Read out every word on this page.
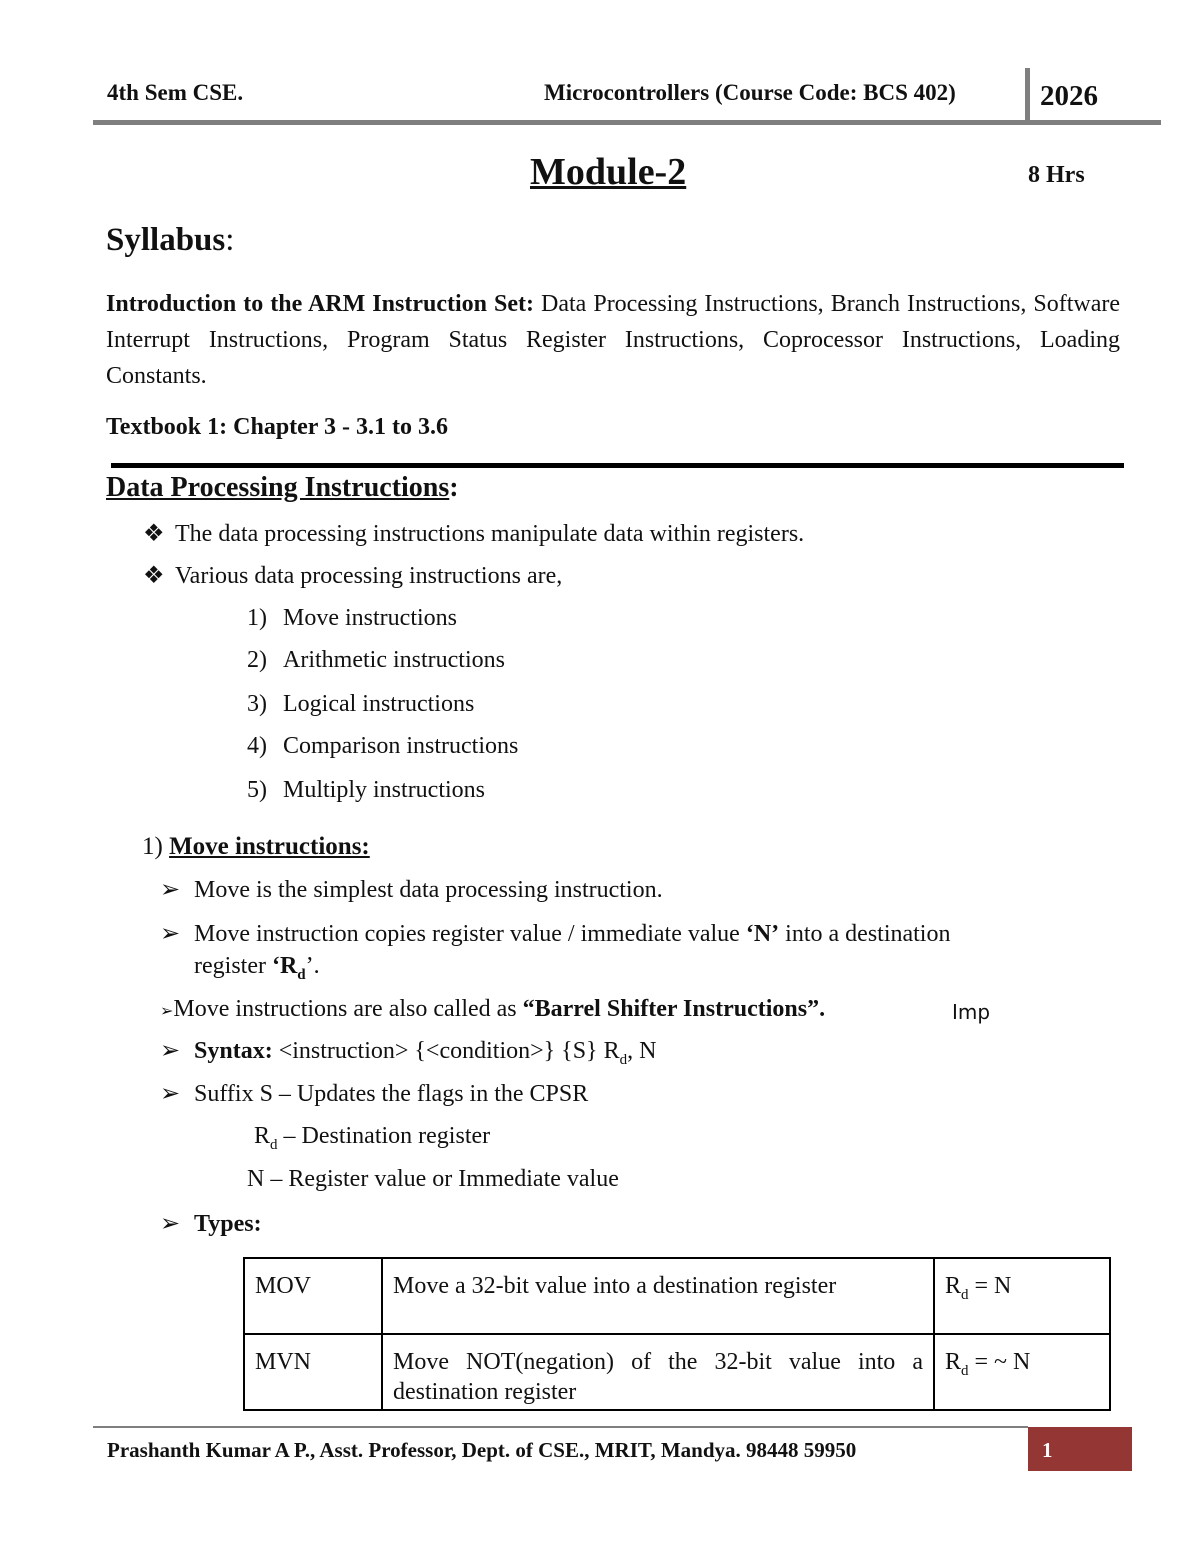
4th Sem CSE.	Microcontrollers (Course Code: BCS 402)	2026
Module-2	8 Hrs
Syllabus:
Introduction to the ARM Instruction Set: Data Processing Instructions, Branch Instructions, Software Interrupt Instructions, Program Status Register Instructions, Coprocessor Instructions, Loading Constants.
Textbook 1: Chapter 3 - 3.1 to 3.6
Data Processing Instructions:
❖ The data processing instructions manipulate data within registers.
❖ Various data processing instructions are,
1) Move instructions
2) Arithmetic instructions
3) Logical instructions
4) Comparison instructions
5) Multiply instructions
1) Move instructions:
➢ Move is the simplest data processing instruction.
➢ Move instruction copies register value / immediate value ‘N’ into a destination
register ‘$R_d$’.
➢Move instructions are also called as “Barrel Shifter Instructions”.	Imp
➢ Syntax: <instruction> {<condition>} {S} $R_d$, N
➢ Suffix S – Updates the flags in the CPSR
$R_d$ – Destination register
N – Register value or Immediate value
➢ Types:
MOV	Move a 32-bit value into a destination register	$R_d = N$
MVN	Move NOT(negation) of the 32-bit value into a destination register	$R_d$ = ~ N
Prashanth Kumar A P., Asst. Professor, Dept. of CSE., MRIT, Mandya. 98448 59950	1
